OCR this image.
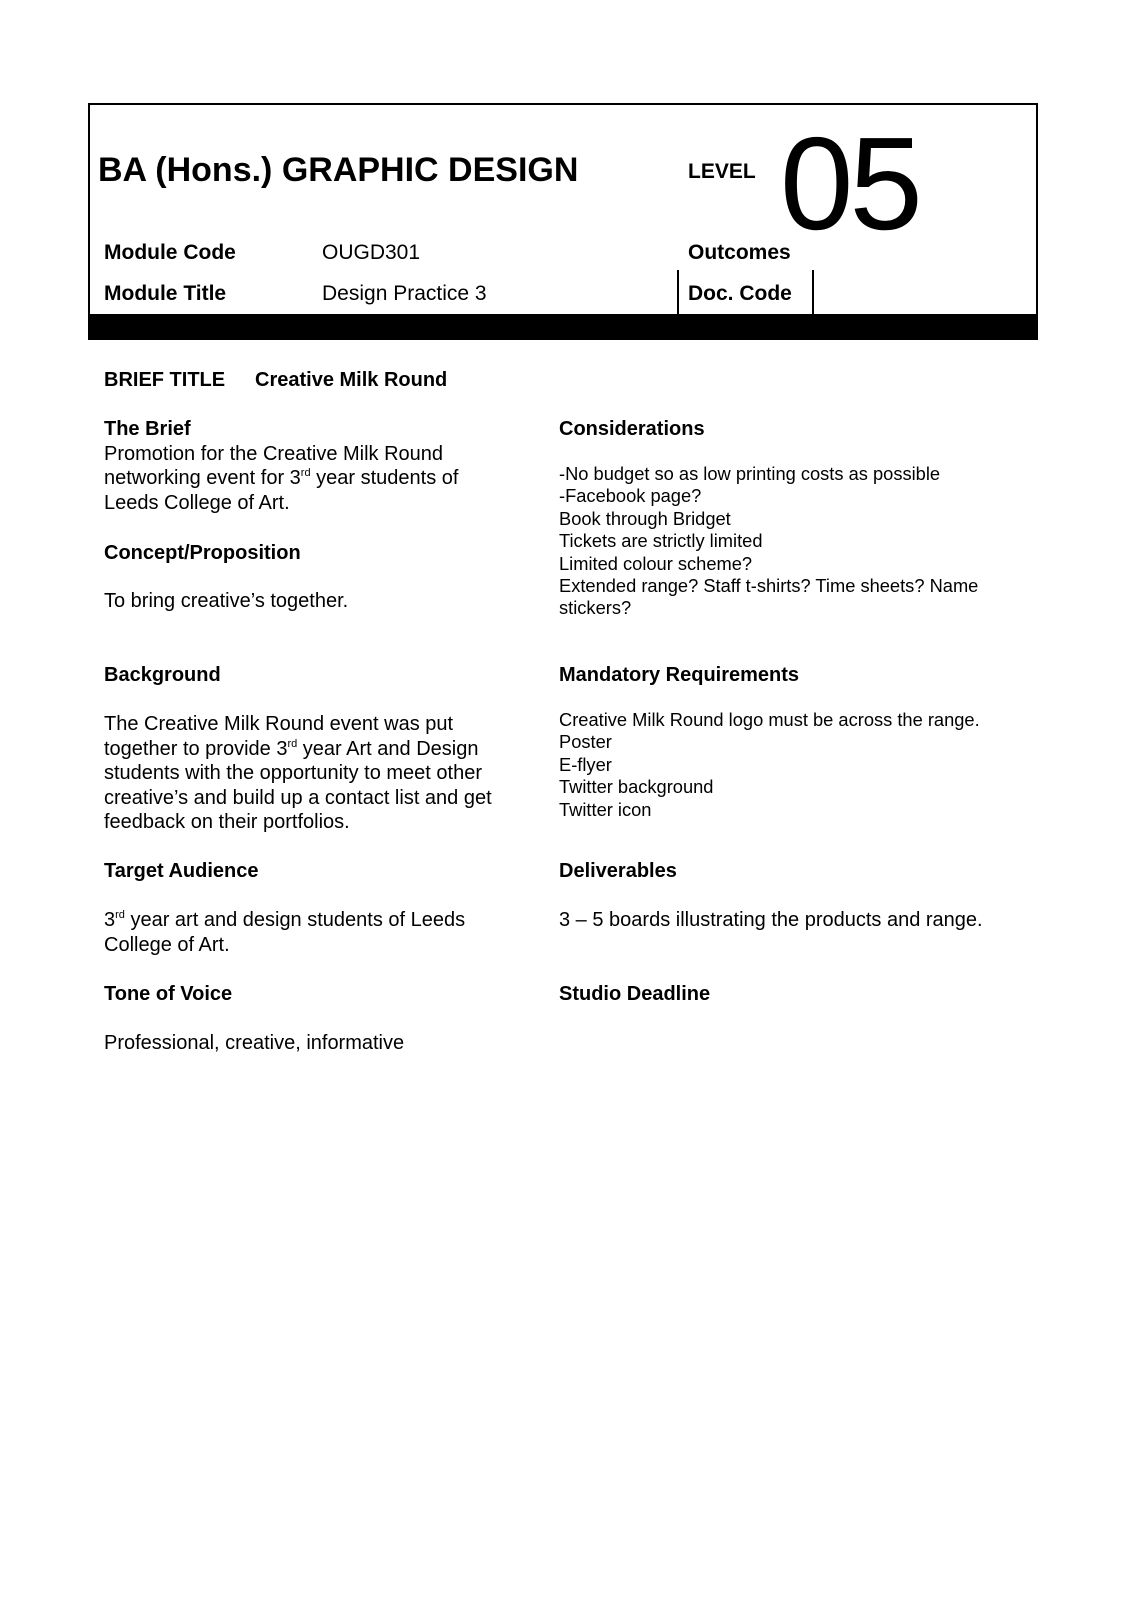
BA (Hons.) GRAPHIC DESIGN	LEVEL 05
Module Code	OUGD301	Outcomes
Module Title	Design Practice 3	Doc. Code
BRIEF TITLE Creative Milk Round
The Brief
Promotion for the Creative Milk Round
networking event for 3rd year students of
Leeds College of Art.
Concept/Proposition
To bring creative’s together.
Background
The Creative Milk Round event was put
together to provide 3rd year Art and Design
students with the opportunity to meet other
creative’s and build up a contact list and get
feedback on their portfolios.
Target Audience
3rd year art and design students of Leeds
College of Art.
Tone of Voice
Professional, creative, informative
Considerations
-No budget so as low printing costs as possible
-Facebook page?
Book through Bridget
Tickets are strictly limited
Limited colour scheme?
Extended range? Staff t-shirts? Time sheets? Name
stickers?
Mandatory Requirements
Creative Milk Round logo must be across the range.
Poster
E-flyer
Twitter background
Twitter icon
Deliverables
3 – 5 boards illustrating the products and range.
Studio Deadline
